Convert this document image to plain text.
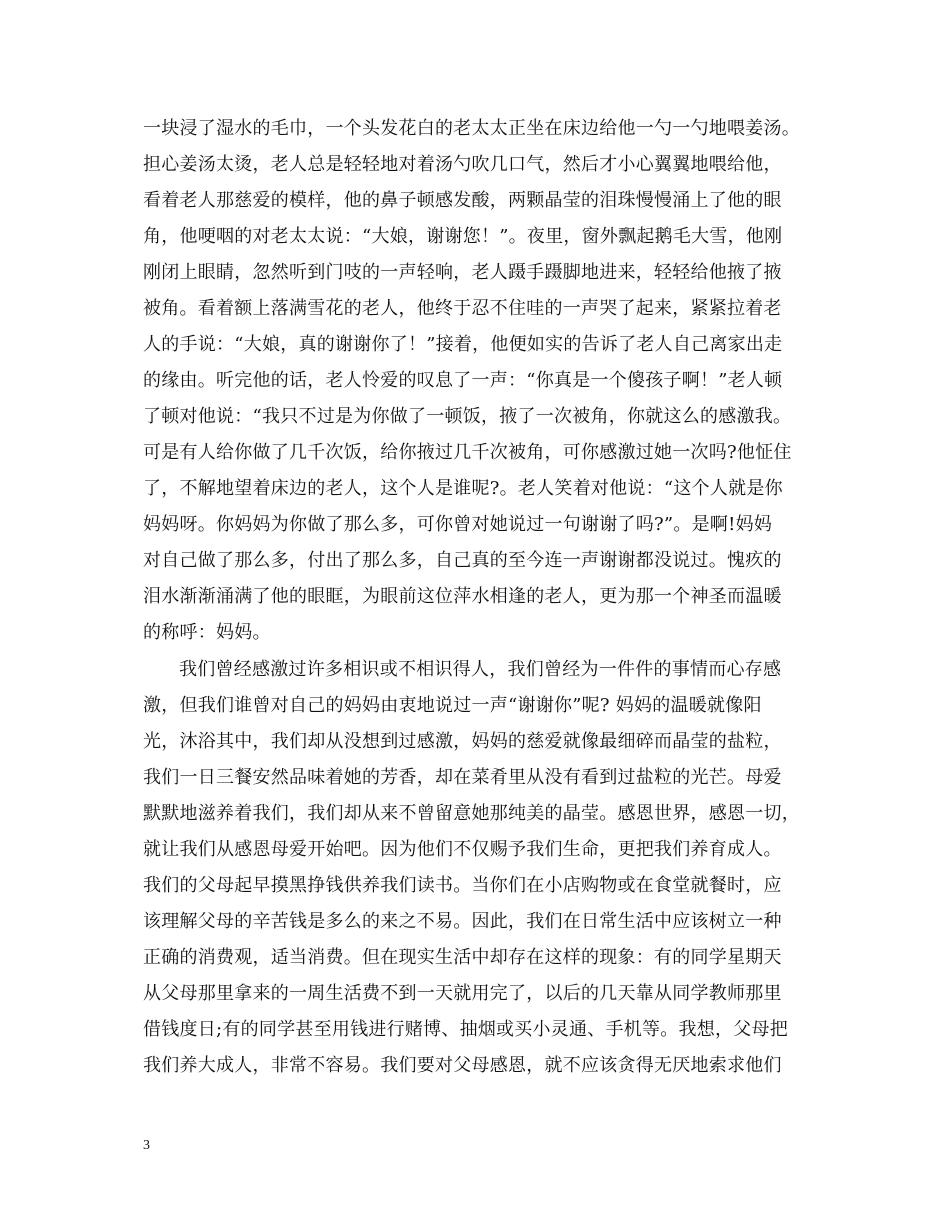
一块浸了湿水的毛巾，一个头发花白的老太太正坐在床边给他一勺一勺地喂姜汤。
担心姜汤太烫，老人总是轻轻地对着汤勺吹几口气，然后才小心翼翼地喂给他，
看着老人那慈爱的模样，他的鼻子顿感发酸，两颗晶莹的泪珠慢慢涌上了他的眼
角，他哽咽的对老太太说：“大娘，谢谢您！”。夜里，窗外飘起鹅毛大雪，他刚
刚闭上眼睛，忽然听到门吱的一声轻响，老人蹑手蹑脚地进来，轻轻给他掖了掖
被角。看着额上落满雪花的老人，他终于忍不住哇的一声哭了起来，紧紧拉着老
人的手说：“大娘，真的谢谢你了！”接着，他便如实的告诉了老人自己离家出走
的缘由。听完他的话，老人怜爱的叹息了一声：“你真是一个傻孩子啊！”老人顿
了顿对他说：“我只不过是为你做了一顿饭，掖了一次被角，你就这么的感激我。
可是有人给你做了几千次饭，给你掖过几千次被角，可你感激过她一次吗?他怔住
了，不解地望着床边的老人，这个人是谁呢?。老人笑着对他说：“这个人就是你
妈妈呀。你妈妈为你做了那么多，可你曾对她说过一句谢谢了吗?”。是啊!妈妈
对自己做了那么多，付出了那么多，自己真的至今连一声谢谢都没说过。愧疚的
泪水渐渐涌满了他的眼眶，为眼前这位萍水相逢的老人，更为那一个神圣而温暖
的称呼：妈妈。
我们曾经感激过许多相识或不相识得人，我们曾经为一件件的事情而心存感
激，但我们谁曾对自己的妈妈由衷地说过一声“谢谢你”呢? 妈妈的温暖就像阳
光，沐浴其中，我们却从没想到过感激，妈妈的慈爱就像最细碎而晶莹的盐粒，
我们一日三餐安然品味着她的芳香，却在菜肴里从没有看到过盐粒的光芒。母爱
默默地滋养着我们，我们却从来不曾留意她那纯美的晶莹。感恩世界，感恩一切，
就让我们从感恩母爱开始吧。因为他们不仅赐予我们生命，更把我们养育成人。
我们的父母起早摸黑挣钱供养我们读书。当你们在小店购物或在食堂就餐时，应
该理解父母的辛苦钱是多么的来之不易。因此，我们在日常生活中应该树立一种
正确的消费观，适当消费。但在现实生活中却存在这样的现象：有的同学星期天
从父母那里拿来的一周生活费不到一天就用完了，以后的几天靠从同学教师那里
借钱度日;有的同学甚至用钱进行赌博、抽烟或买小灵通、手机等。我想，父母把
我们养大成人，非常不容易。我们要对父母感恩，就不应该贪得无厌地索求他们
3
